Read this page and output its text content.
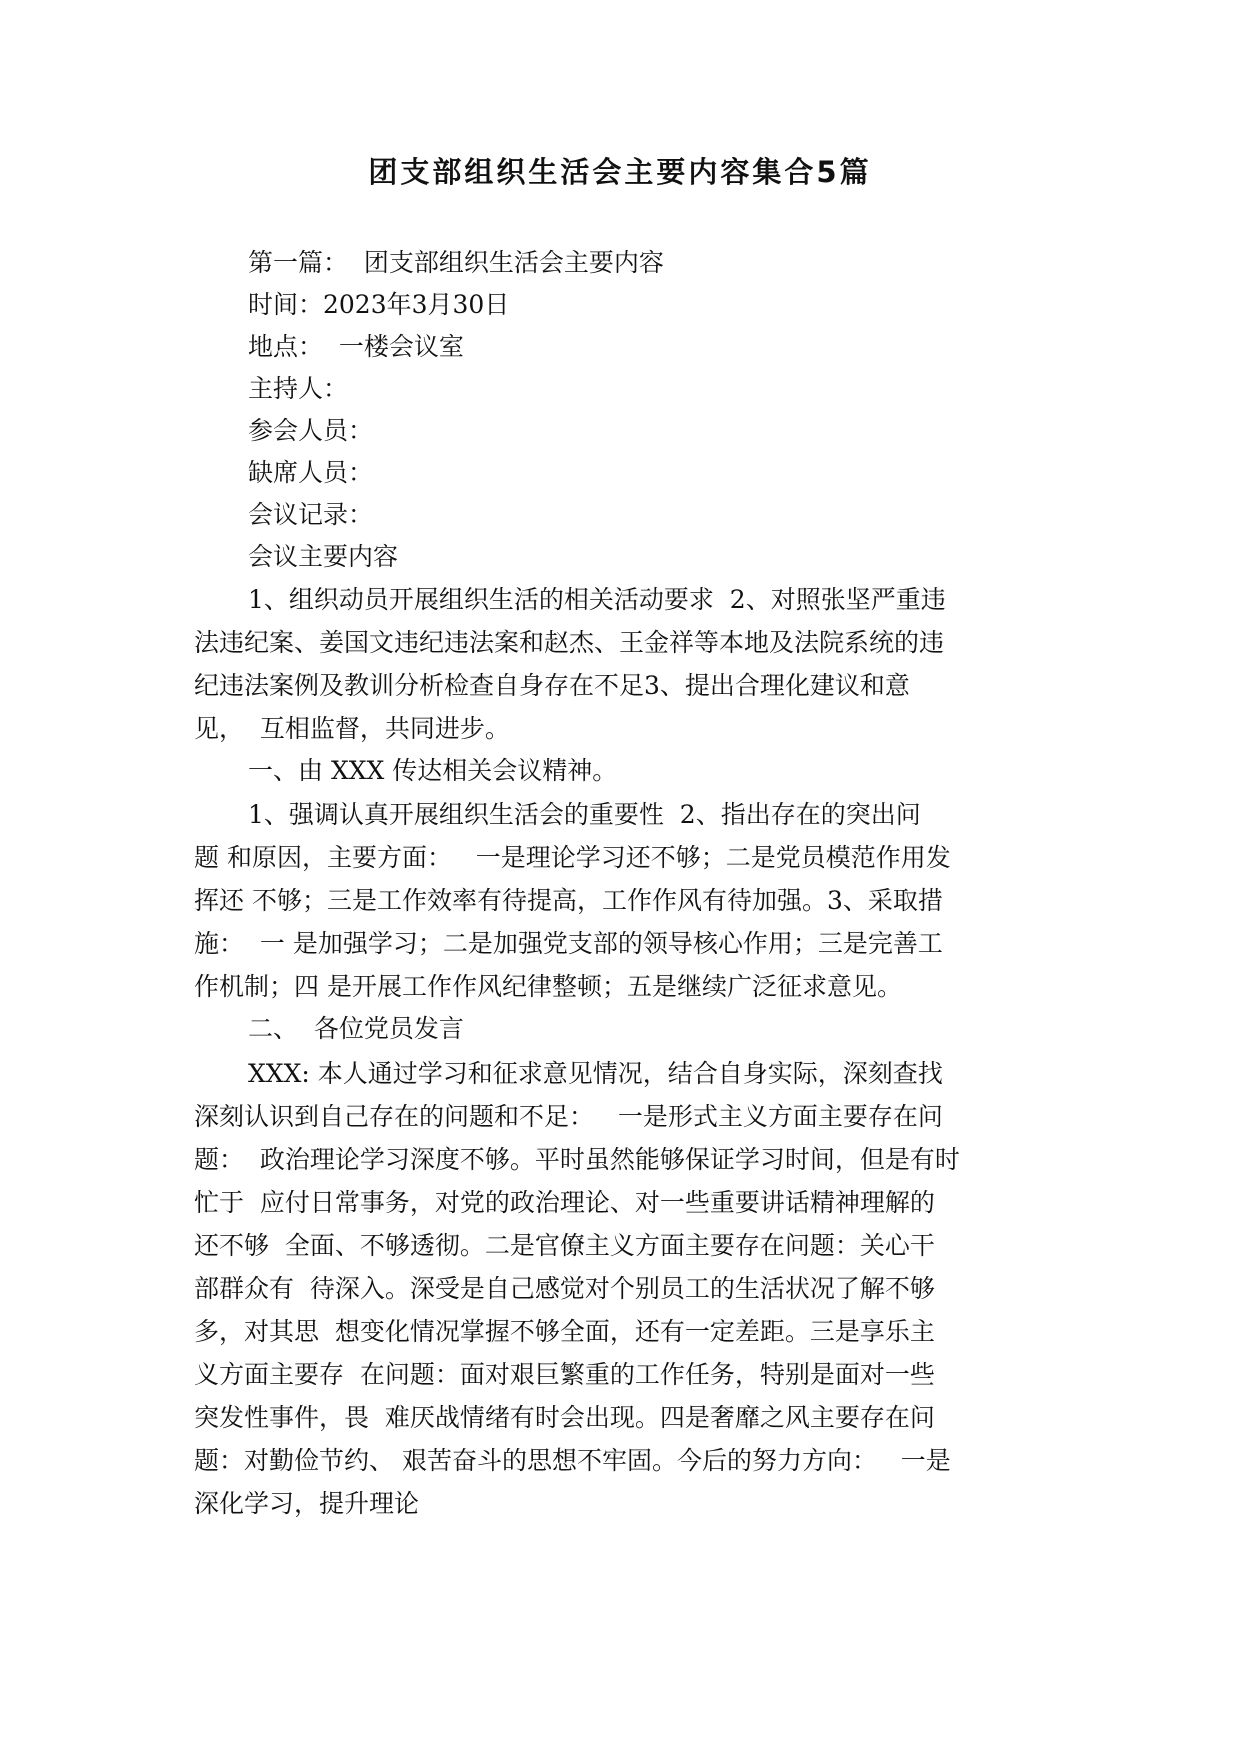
团支部组织生活会主要内容集合5篇

第一篇：  团支部组织生活会主要内容

时间：2023年3月30日

地点：  一楼会议室

主持人：

参会人员：

缺席人员：

会议记录：

会议主要内容

1、组织动员开展组织生活的相关活动要求  2、对照张坚严重违
法违纪案、姜国文违纪违法案和赵杰、王金祥等本地及法院系统的违
纪违法案例及教训分析检查自身存在不足3、提出合理化建议和意
见，  互相监督，共同进步。

一、由 XXX 传达相关会议精神。

1、强调认真开展组织生活会的重要性  2、指出存在的突出问
题 和原因，主要方面：   一是理论学习还不够；二是党员模范作用发
挥还 不够；三是工作效率有待提高，工作作风有待加强。3、采取措
施：  一 是加强学习；二是加强党支部的领导核心作用；三是完善工
作机制；四 是开展工作作风纪律整顿；五是继续广泛征求意见。

二、  各位党员发言

XXX: 本人通过学习和征求意见情况，结合自身实际，深刻查找
深刻认识到自己存在的问题和不足：   一是形式主义方面主要存在问
题：  政治理论学习深度不够。平时虽然能够保证学习时间，但是有时
忙于  应付日常事务，对党的政治理论、对一些重要讲话精神理解的
还不够  全面、不够透彻。二是官僚主义方面主要存在问题：关心干
部群众有  待深入。深受是自己感觉对个别员工的生活状况了解不够
多，对其思  想变化情况掌握不够全面，还有一定差距。三是享乐主
义方面主要存  在问题：面对艰巨繁重的工作任务，特别是面对一些
突发性事件，畏  难厌战情绪有时会出现。四是奢靡之风主要存在问
题：对勤俭节约、 艰苦奋斗的思想不牢固。今后的努力方向：   一是
深化学习，提升理论
